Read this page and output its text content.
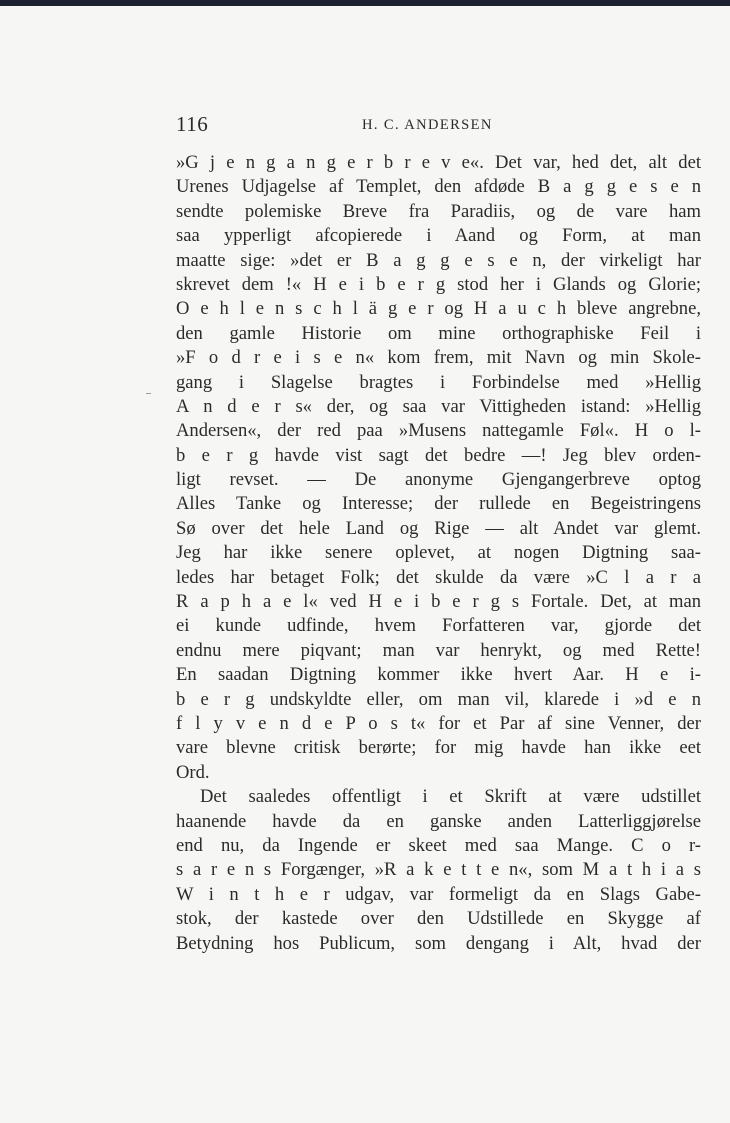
116	H. C. ANDERSEN
»G j e n g a n g e r b r e v e«. Det var, hed det, alt det
Urenes Udjagelse af Templet, den afdøde B a g g e s e n
sendte polemiske Breve fra Paradiis, og de vare ham
saa ypperligt afcopierede i Aand og Form, at man
maatte sige: »det er B a g g e s e n, der virkeligt har
skrevet dem !« H e i b e r g stod her i Glands og Glorie;
O e h l e n s c h l ä g e r og H a u c h bleve angrebne,
den gamle Historie om mine orthographiske Feil i
»F o d r e i s e n« kom frem, mit Navn og min Skole-
gang i Slagelse bragtes i Forbindelse med »Hellig
A n d e r s« der, og saa var Vittigheden istand: »Hellig
Andersen«, der red paa »Musens nattegamle Føl«. H o l-
b e r g havde vist sagt det bedre —! Jeg blev orden-
ligt revset. — De anonyme Gjengangerbreve optog
Alles Tanke og Interesse; der rullede en Begeistringens
Sø over det hele Land og Rige — alt Andet var glemt.
Jeg har ikke senere oplevet, at nogen Digtning saa-
ledes har betaget Folk; det skulde da være »C l a r a
R a p h a e l« ved H e i b e r g s Fortale. Det, at man
ei kunde udfinde, hvem Forfatteren var, gjorde det
endnu mere piqvant; man var henrykt, og med Rette!
En saadan Digtning kommer ikke hvert Aar. H e i-
b e r g undskyldte eller, om man vil, klarede i »d e n
f l y v e n d e P o s t« for et Par af sine Venner, der
vare blevne critisk berørte; for mig havde han ikke eet
Ord.
Det saaledes offentligt i et Skrift at være udstillet
haanende havde da en ganske anden Latterliggjørelse
end nu, da Ingende er skeet med saa Mange. C o r-
s a r e n s Forgænger, »R a k e t t e n«, som M a t h i a s
W i n t h e r udgav, var formeligt da en Slags Gabe-
stok, der kastede over den Udstillede en Skygge af
Betydning hos Publicum, som dengang i Alt, hvad der
